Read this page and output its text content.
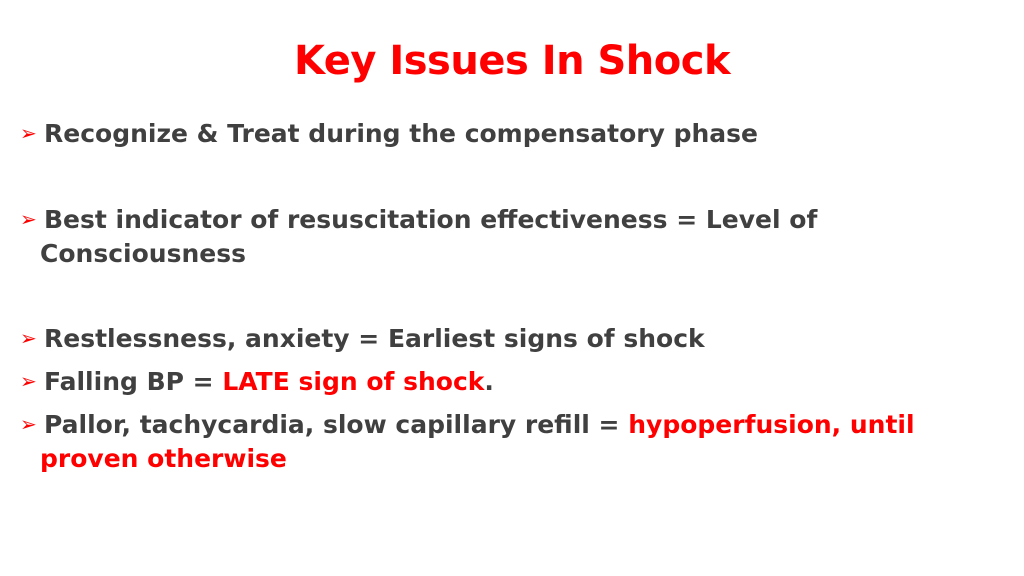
Key Issues In Shock
➢ Recognize & Treat during the compensatory phase
➢ Best indicator of resuscitation effectiveness = Level of
Consciousness
➢ Restlessness, anxiety = Earliest signs of shock
➢ Falling BP = LATE sign of shock.
➢ Pallor, tachycardia, slow capillary refill = hypoperfusion, until
proven otherwise
